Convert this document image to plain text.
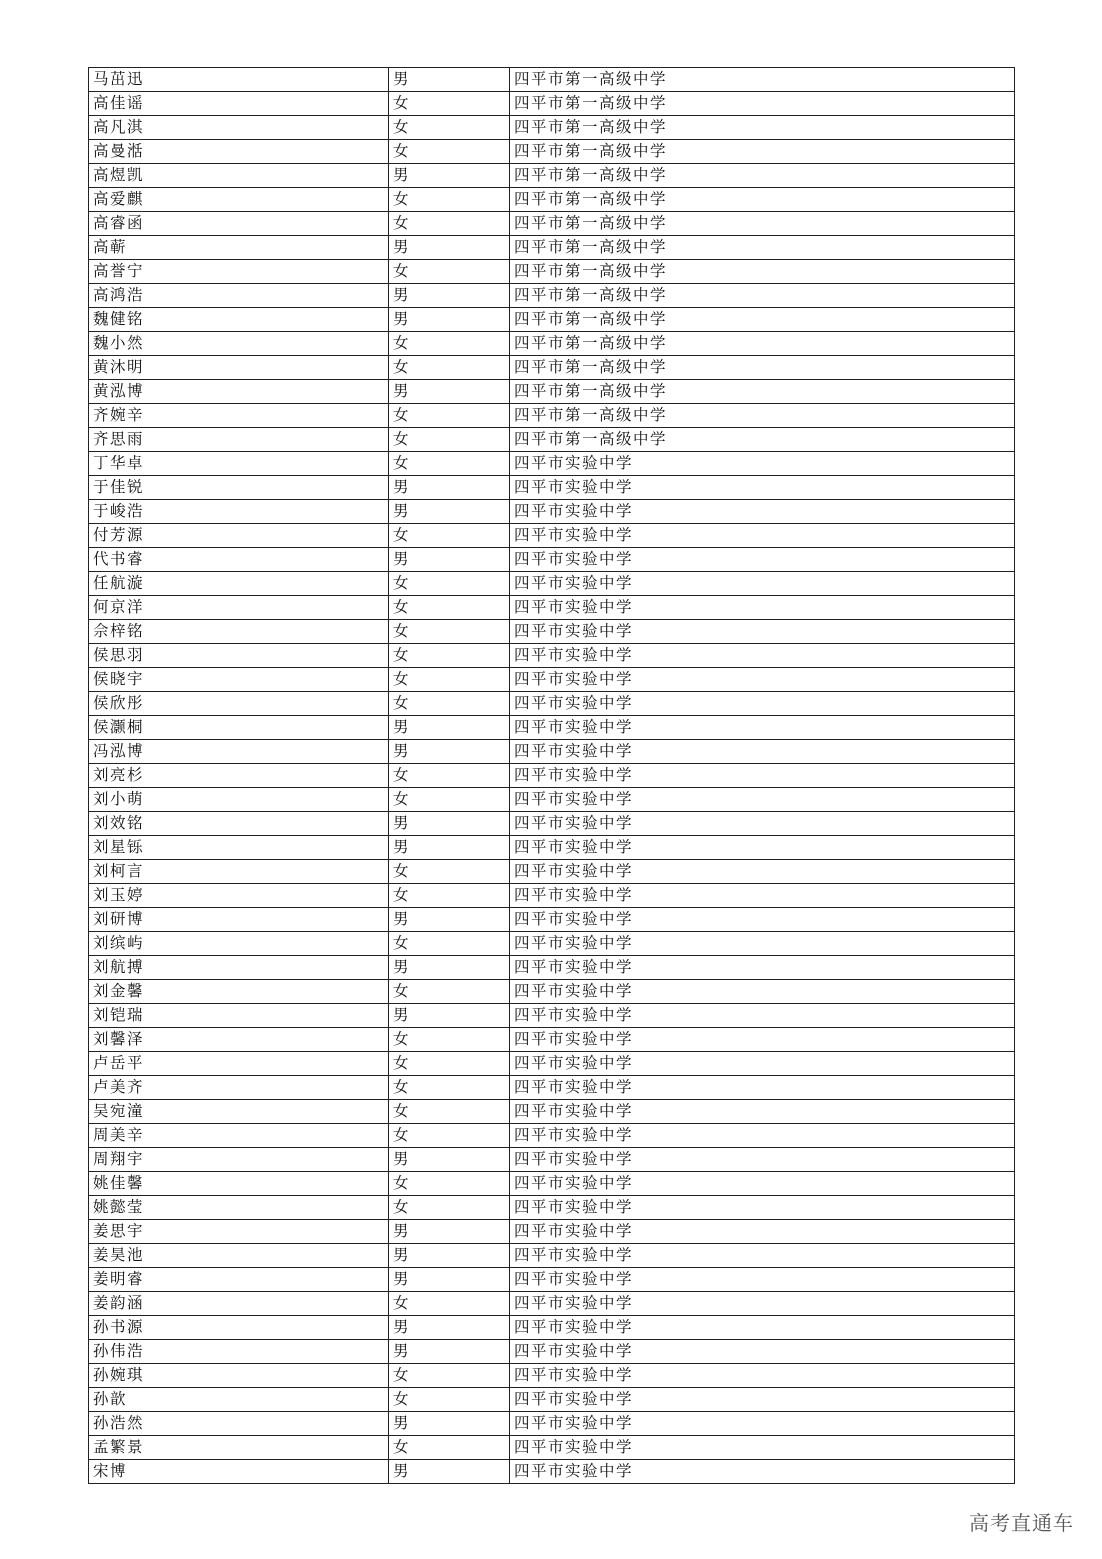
马茁迅	男	四平市第一高级中学
高佳谣	女	四平市第一高级中学
高凡淇	女	四平市第一高级中学
高曼湉	女	四平市第一高级中学
高煜凯	男	四平市第一高级中学
高爱麒	女	四平市第一高级中学
高睿函	女	四平市第一高级中学
高蕲	男	四平市第一高级中学
高誉宁	女	四平市第一高级中学
高鸿浩	男	四平市第一高级中学
魏健铭	男	四平市第一高级中学
魏小然	女	四平市第一高级中学
黄沐明	女	四平市第一高级中学
黄泓博	男	四平市第一高级中学
齐婉辛	女	四平市第一高级中学
齐思雨	女	四平市第一高级中学
丁华卓	女	四平市实验中学
于佳锐	男	四平市实验中学
于峻浩	男	四平市实验中学
付芳源	女	四平市实验中学
代书睿	男	四平市实验中学
任航漩	女	四平市实验中学
何京洋	女	四平市实验中学
佘梓铭	女	四平市实验中学
侯思羽	女	四平市实验中学
侯晓宇	女	四平市实验中学
侯欣彤	女	四平市实验中学
侯灏桐	男	四平市实验中学
冯泓博	男	四平市实验中学
刘亮杉	女	四平市实验中学
刘小萌	女	四平市实验中学
刘效铭	男	四平市实验中学
刘星铄	男	四平市实验中学
刘柯言	女	四平市实验中学
刘玉婷	女	四平市实验中学
刘研博	男	四平市实验中学
刘缤屿	女	四平市实验中学
刘航搏	男	四平市实验中学
刘金馨	女	四平市实验中学
刘铠瑞	男	四平市实验中学
刘馨泽	女	四平市实验中学
卢岳平	女	四平市实验中学
卢美齐	女	四平市实验中学
吴宛潼	女	四平市实验中学
周美辛	女	四平市实验中学
周翔宇	男	四平市实验中学
姚佳馨	女	四平市实验中学
姚懿莹	女	四平市实验中学
姜思宇	男	四平市实验中学
姜昊池	男	四平市实验中学
姜明睿	男	四平市实验中学
姜韵涵	女	四平市实验中学
孙书源	男	四平市实验中学
孙伟浩	男	四平市实验中学
孙婉琪	女	四平市实验中学
孙歆	女	四平市实验中学
孙浩然	男	四平市实验中学
孟繁景	女	四平市实验中学
宋博	男	四平市实验中学
高考直通车
